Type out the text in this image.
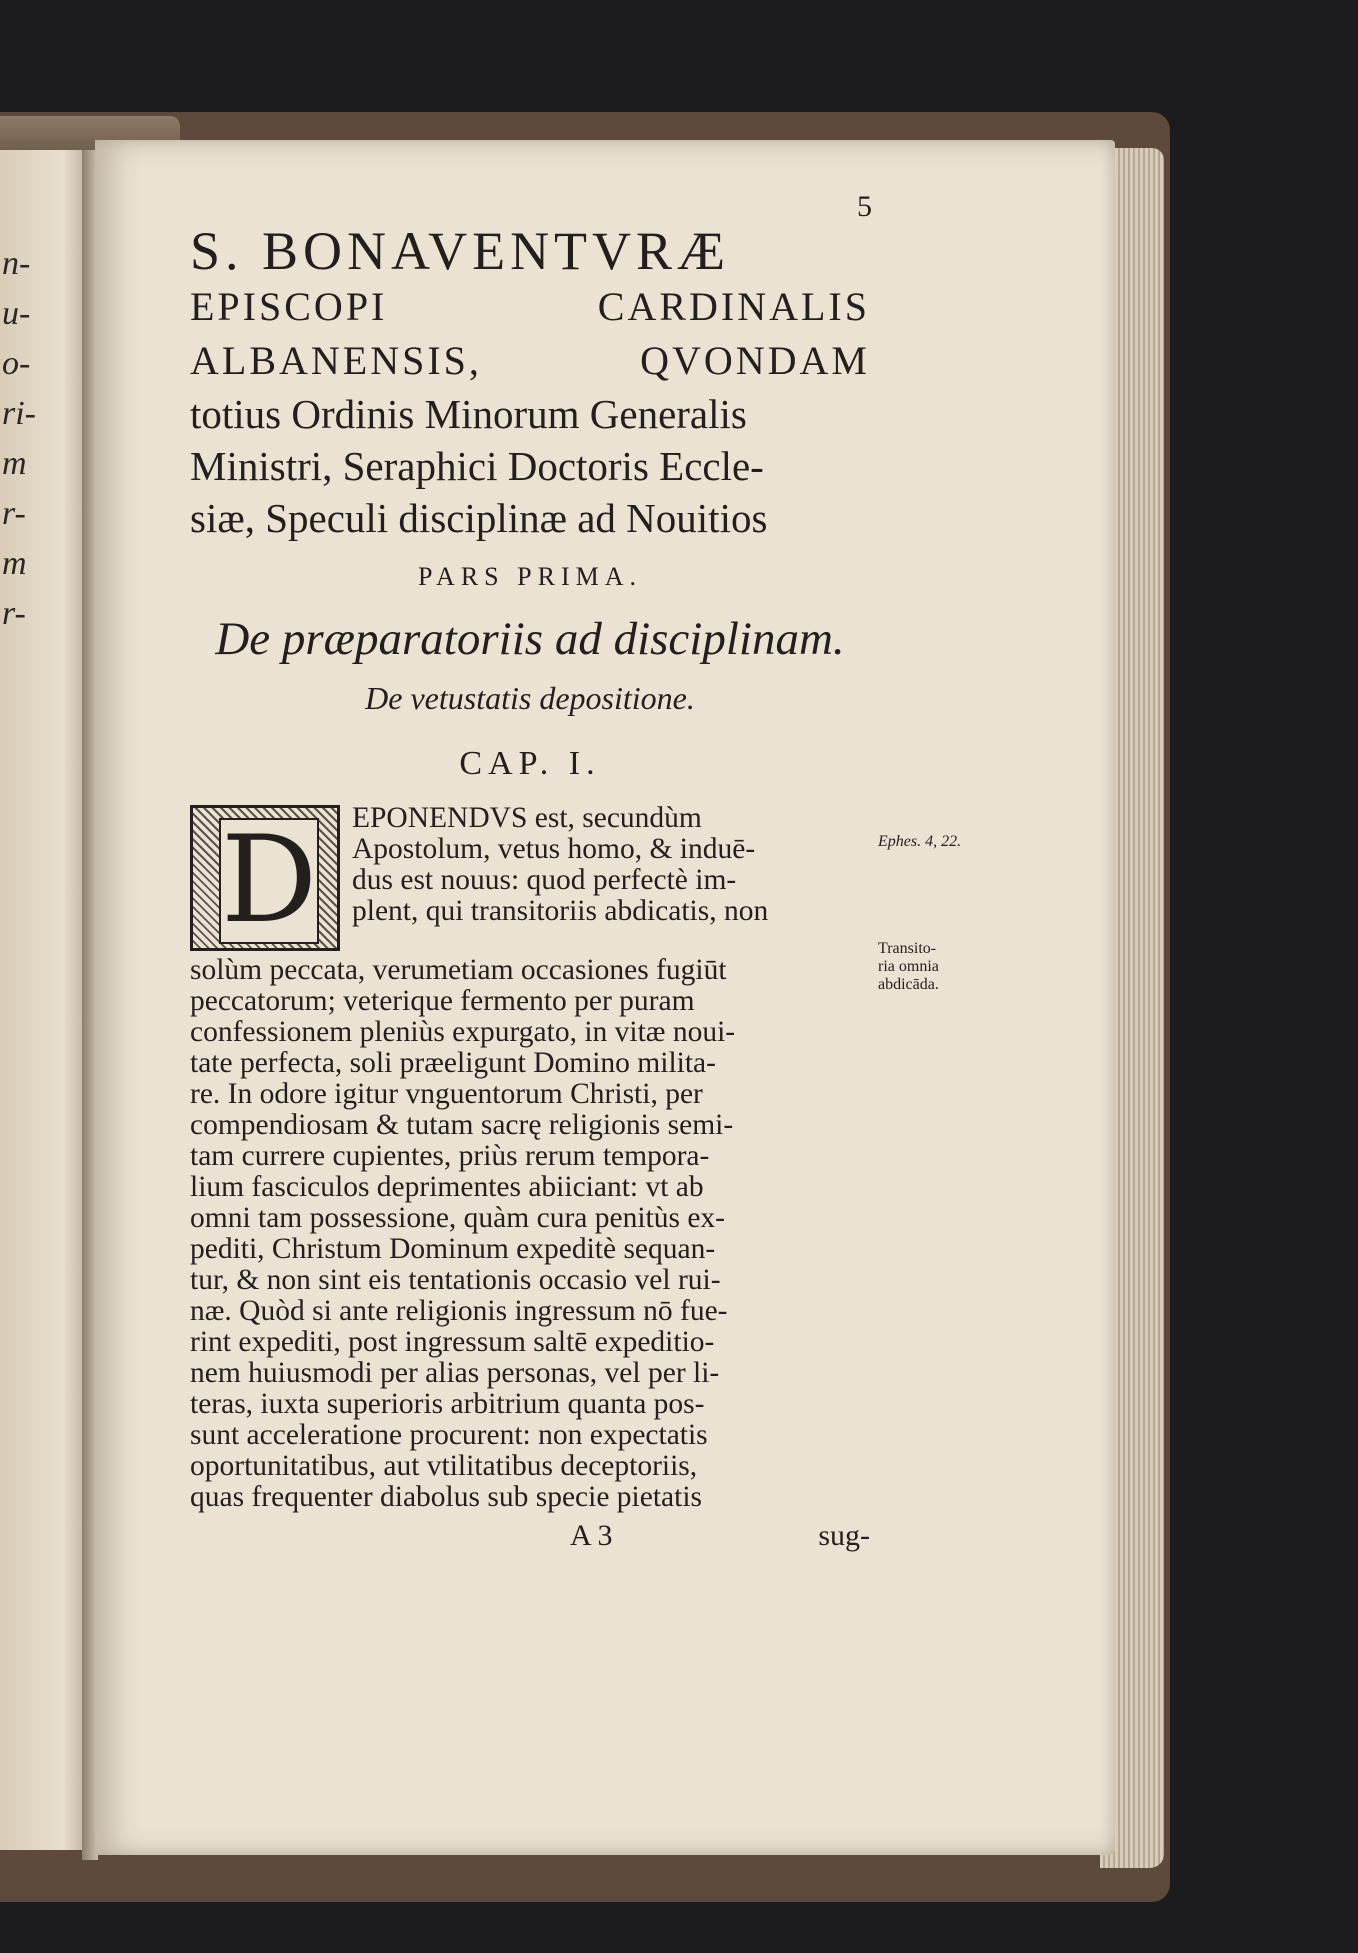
n-
u-
o-
ri-
m
r-
m
r-
5
S. BONAVENTVRÆ
EPISCOPI	CARDINALIS
ALBANENSIS,	QVONDAM
totius Ordinis Minorum Generalis
Ministri, Seraphici Doctoris Eccle-
siæ, Speculi disciplinæ ad Nouitios
PARS PRIMA.
De præparatoriis ad disciplinam.
De vetustatis depositione.
CAP. I.
D	EPONENDVS est, secundùm
Apostolum, vetus homo, & induē-
dus est nouus: quod perfectè im-
plent, qui transitoriis abdicatis, non
solùm peccata, verumetiam occasiones fugiūt
peccatorum; veterique fermento per puram
confessionem pleniùs expurgato, in vitæ noui-
tate perfecta, soli præeligunt Domino milita-
re. In odore igitur vnguentorum Christi, per
compendiosam & tutam sacrę religionis semi-
tam currere cupientes, priùs rerum tempora-
lium fasciculos deprimentes abiiciant: vt ab
omni tam possessione, quàm cura penitùs ex-
pediti, Christum Dominum expeditè sequan-
tur, & non sint eis tentationis occasio vel rui-
næ. Quòd si ante religionis ingressum nō fue-
rint expediti, post ingressum saltē expeditio-
nem huiusmodi per alias personas, vel per li-
teras, iuxta superioris arbitrium quanta pos-
sunt acceleratione procurent: non expectatis
oportunitatibus, aut vtilitatibus deceptoriis,
quas frequenter diabolus sub specie pietatis
A 3	sug-
Ephes. 4, 22.
Transito-
ria omnia
abdicāda.
